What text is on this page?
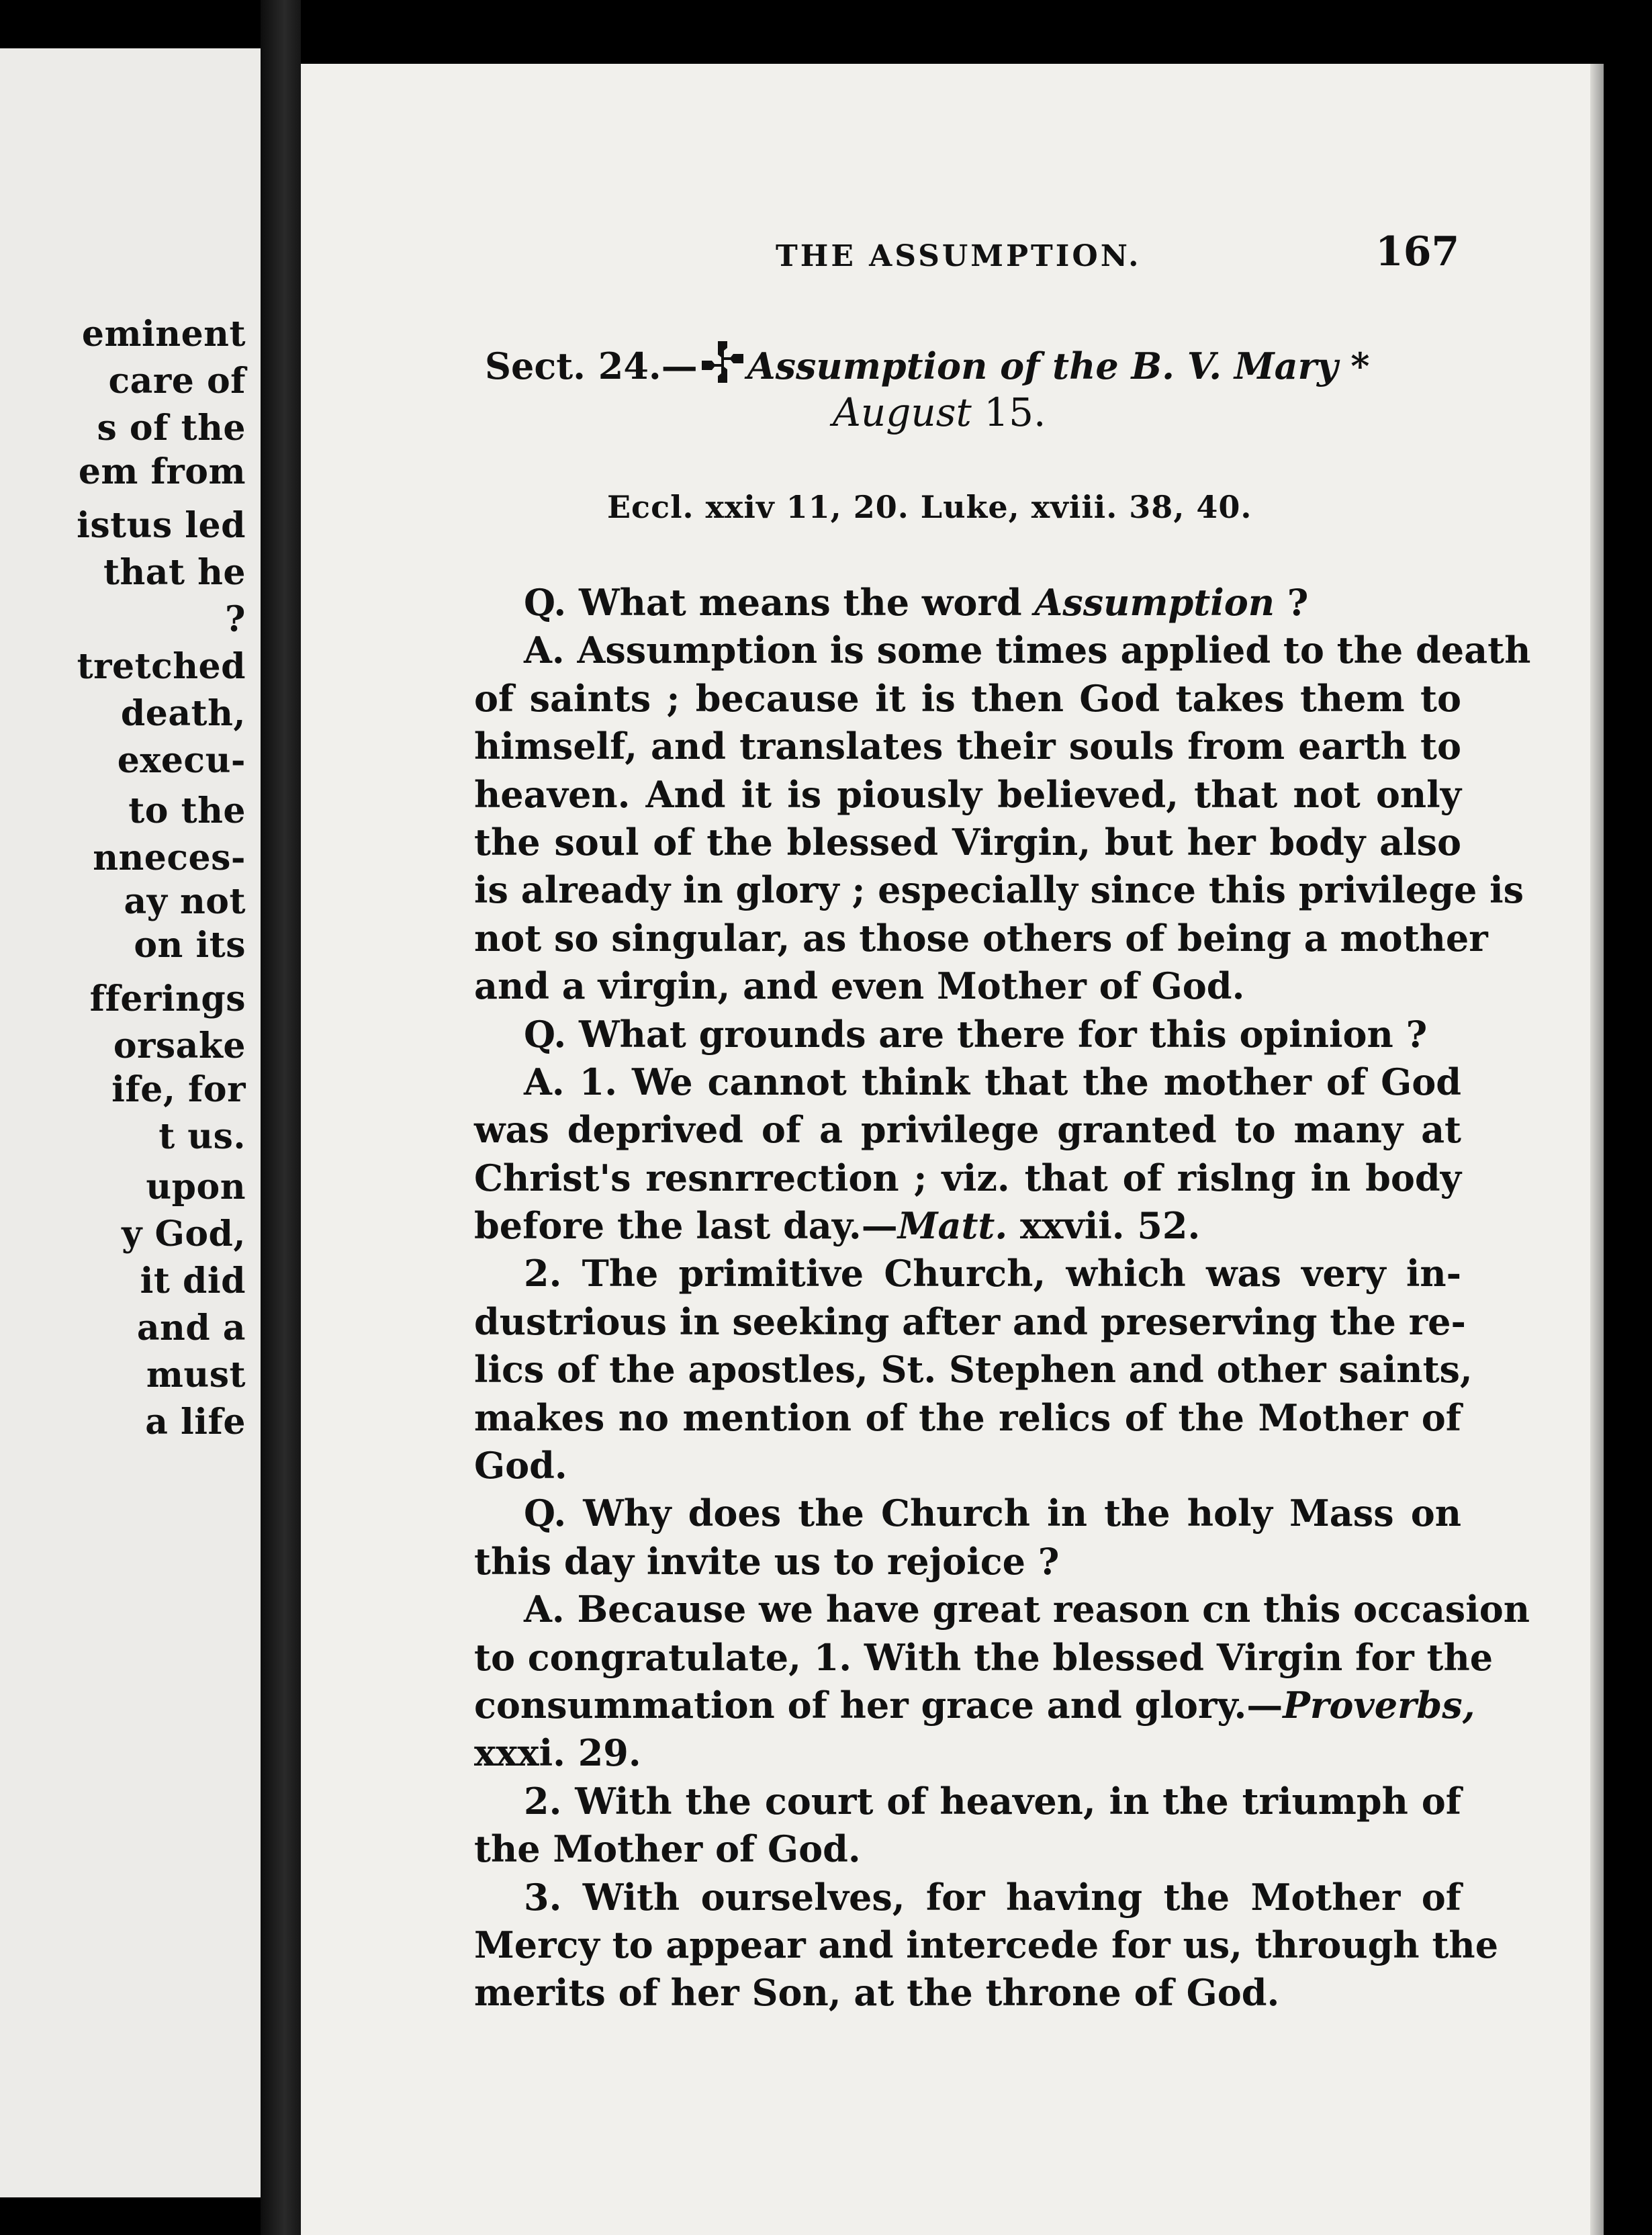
eminent
care of
s of the
em from
istus led
that he
?
tretched
death,
execu-
to the
nneces-
ay not
on its
fferings
orsake
ife, for
t us.
upon
y God,
it did
and a
must
a life
THE ASSUMPTION.	167
Sect. 24.— Assumption of the B. V. Mary *
August 15.
Eccl. xxiv 11, 20. Luke, xviii. 38, 40.
Q. What means the word Assumption ?
A. Assumption is some times applied to the death
of saints ; because it is then God takes them to
himself, and translates their souls from earth to
heaven. And it is piously believed, that not only
the soul of the blessed Virgin, but her body also
is already in glory ; especially since this privilege is
not so singular, as those others of being a mother
and a virgin, and even Mother of God.
Q. What grounds are there for this opinion ?
A. 1. We cannot think that the mother of God
was deprived of a privilege granted to many at
Christ's resnrrection ; viz. that of rislng in body
before the last day.—Matt. xxvii. 52.
2. The primitive Church, which was very in-
dustrious in seeking after and preserving the re-
lics of the apostles, St. Stephen and other saints,
makes no mention of the relics of the Mother of
God.
Q. Why does the Church in the holy Mass on
this day invite us to rejoice ?
A. Because we have great reason cn this occasion
to congratulate, 1. With the blessed Virgin for the
consummation of her grace and glory.—Proverbs,
xxxi. 29.
2. With the court of heaven, in the triumph of
the Mother of God.
3. With ourselves, for having the Mother of
Mercy to appear and intercede for us, through the
merits of her Son, at the throne of God.
